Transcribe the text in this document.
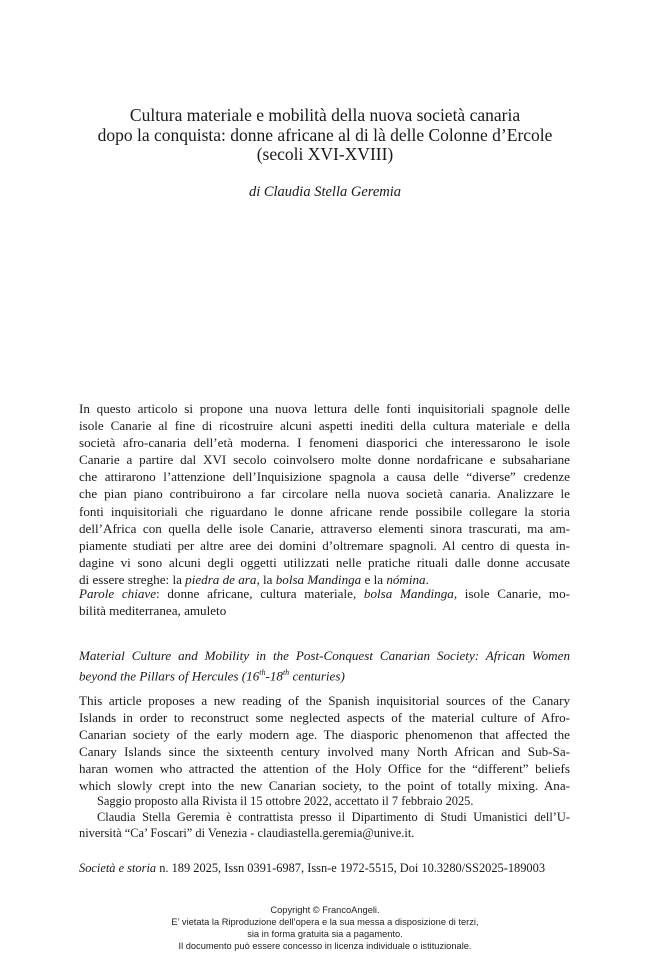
Cultura materiale e mobilità della nuova società canaria
dopo la conquista: donne africane al di là delle Colonne d’Ercole
(secoli XVI-XVIII)
di Claudia Stella Geremia
In questo articolo si propone una nuova lettura delle fonti inquisitoriali spagnole delle
isole Canarie al fine di ricostruire alcuni aspetti inediti della cultura materiale e della
società afro-canaria dell’età moderna. I fenomeni diasporici che interessarono le isole
Canarie a partire dal XVI secolo coinvolsero molte donne nordafricane e subsahariane
che attirarono l’attenzione dell’Inquisizione spagnola a causa delle “diverse” credenze
che pian piano contribuirono a far circolare nella nuova società canaria. Analizzare le
fonti inquisitoriali che riguardano le donne africane rende possibile collegare la storia
dell’Africa con quella delle isole Canarie, attraverso elementi sinora trascurati, ma am-
piamente studiati per altre aree dei domini d’oltremare spagnoli. Al centro di questa in-
dagine vi sono alcuni degli oggetti utilizzati nelle pratiche rituali dalle donne accusate
di essere streghe: la piedra de ara, la bolsa Mandinga e la nómina.
Parole chiave: donne africane, cultura materiale, bolsa Mandinga, isole Canarie, mo-
bilità mediterranea, amuleto
Material Culture and Mobility in the Post-Conquest Canarian Society: African Women
beyond the Pillars of Hercules (16th-18th centuries)
This article proposes a new reading of the Spanish inquisitorial sources of the Canary
Islands in order to reconstruct some neglected aspects of the material culture of Afro-
Canarian society of the early modern age. The diasporic phenomenon that affected the
Canary Islands since the sixteenth century involved many North African and Sub-Sa-
haran women who attracted the attention of the Holy Office for the “different” beliefs
which slowly crept into the new Canarian society, to the point of totally mixing. Ana-
Saggio proposto alla Rivista il 15 ottobre 2022, accettato il 7 febbraio 2025.
Claudia Stella Geremia è contrattista presso il Dipartimento di Studi Umanistici dell’U-
niversità “Ca’ Foscari” di Venezia - claudiastella.geremia@unive.it.
Società e storia n. 189 2025, Issn 0391-6987, Issn-e 1972-5515, Doi 10.3280/SS2025-189003
Copyright © FrancoAngeli.
E’ vietata la Riproduzione dell’opera e la sua messa a disposizione di terzi,
sia in forma gratuita sia a pagamento.
Il documento può essere concesso in licenza individuale o istituzionale.
